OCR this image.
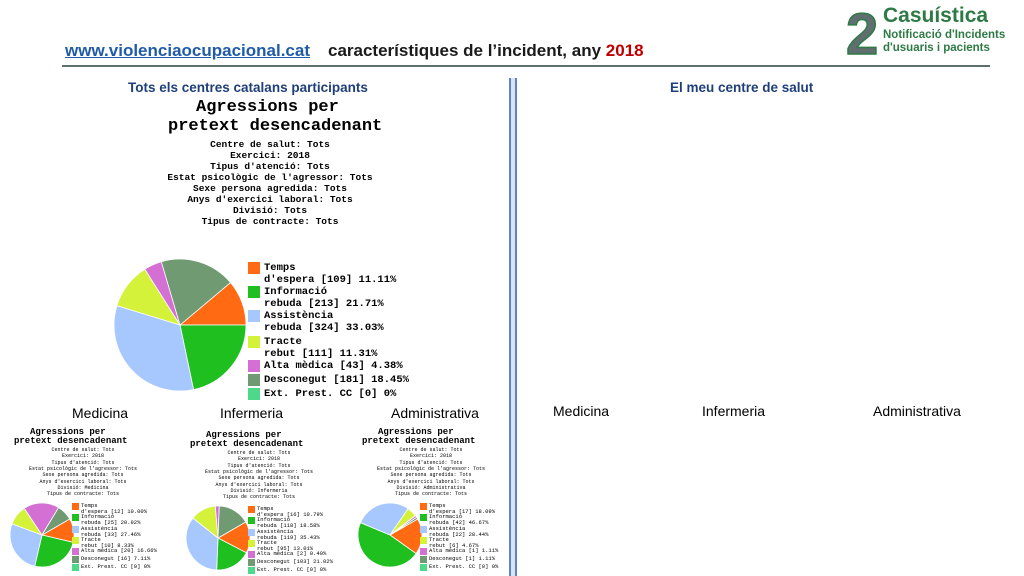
www.violenciaocupacional.cat característiques de l’incident, any 2018	2 Casuística
Notificació d'Incidents
d'usuaris i pacients
Tots els centres catalans participants	El meu centre de salut
Agressions per
pretext desencadenant
Centre de salut: Tots
Exercici: 2018
Tipus d'atenció: Tots
Estat psicològic de l'agressor: Tots
Sexe persona agredida: Tots
Anys d'exercici laboral: Tots
Divisió: Tots
Tipus de contracte: Tots
Temps
d'espera [109] 11.11%
Informació
rebuda [213] 21.71%
Assistència
rebuda [324] 33.03%
Tracte
rebut [111] 11.31%
Alta mèdica [43] 4.38%
Desconegut [181] 18.45%
Ext. Prest. CC [0] 0%
Medicina	Infermeria	Administrativa	Medicina	Infermeria	Administrativa
Agressions per
pretext desencadenant
Centre de salut: Tots
Exercici: 2018
Tipus d'atenció: Tots
Estat psicològic de l'agressor: Tots
Sexe persona agredida: Tots
Anys d'exercici laboral: Tots
Divisió: Medicina
Tipus de contracte: Tots
Temps
d'espera [12] 10.00%
Informació
rebuda [25] 20.92%
Assistència
rebuda [33] 27.46%
Tracte
rebut [10] 8.33%
Alta mèdica [20] 16.66%
Desconegut [16] 7.11%
Ext. Prest. CC [0] 0%
Agressions per
pretext desencadenant
Centre de salut: Tots
Exercici: 2018
Tipus d'atenció: Tots
Estat psicològic de l'agressor: Tots
Sexe persona agredida: Tots
Anys d'exercici laboral: Tots
Divisió: Infermeria
Tipus de contracte: Tots
Temps
d'espera [16] 10.79%
Informació
rebuda [118] 18.58%
Assistència
rebuda [119] 35.43%
Tracte
rebut [95] 13.01%
Alta mèdica [2] 0.40%
Desconegut [103] 21.02%
Ext. Prest. CC [0] 0%
Agressions per
pretext desencadenant
Centre de salut: Tots
Exercici: 2018
Tipus d'atenció: Tots
Estat psicològic de l'agressor: Tots
Sexe persona agredida: Tots
Anys d'exercici laboral: Tots
Divisió: Administrativa
Tipus de contracte: Tots
Temps
d'espera [17] 18.09%
Informació
rebuda [42] 46.67%
Assistència
rebuda [22] 28.44%
Tracte
rebut [6] 4.67%
Alta mèdica [1] 1.11%
Desconegut [1] 1.11%
Ext. Prest. CC [0] 0%
